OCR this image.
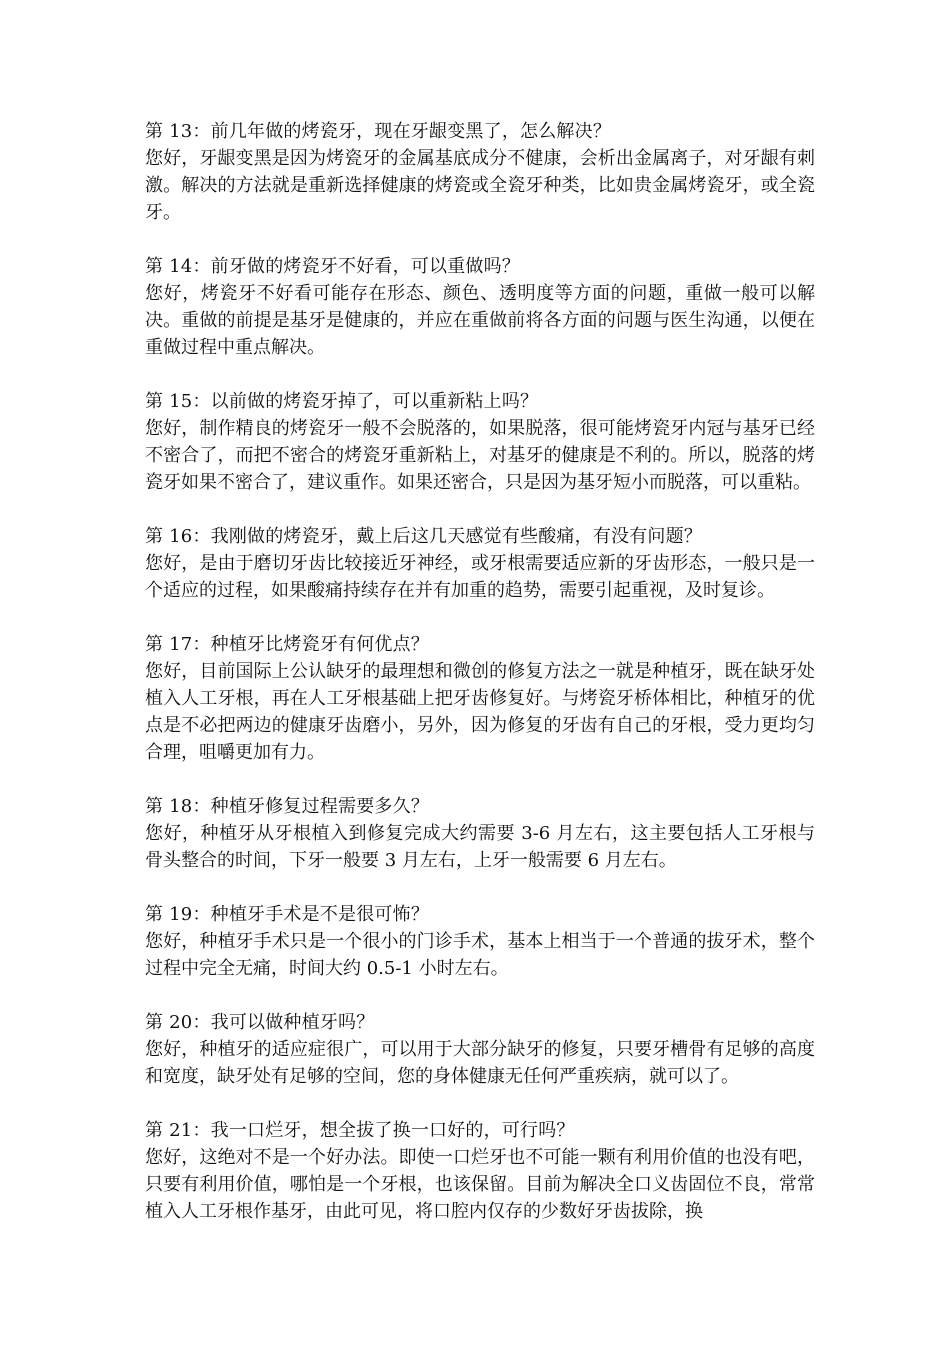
第 13：前几年做的烤瓷牙，现在牙龈变黑了，怎么解决？

您好，牙龈变黑是因为烤瓷牙的金属基底成分不健康，会析出金属离子，对牙龈有刺激。解决的方法就是重新选择健康的烤瓷或全瓷牙种类，比如贵金属烤瓷牙，或全瓷牙。

第 14：前牙做的烤瓷牙不好看，可以重做吗？

您好，烤瓷牙不好看可能存在形态、颜色、透明度等方面的问题，重做一般可以解决。重做的前提是基牙是健康的，并应在重做前将各方面的问题与医生沟通，以便在重做过程中重点解决。

第 15：以前做的烤瓷牙掉了，可以重新粘上吗？

您好，制作精良的烤瓷牙一般不会脱落的，如果脱落，很可能烤瓷牙内冠与基牙已经不密合了，而把不密合的烤瓷牙重新粘上，对基牙的健康是不利的。所以，脱落的烤瓷牙如果不密合了，建议重作。如果还密合，只是因为基牙短小而脱落，可以重粘。

第 16：我刚做的烤瓷牙，戴上后这几天感觉有些酸痛，有没有问题？

您好，是由于磨切牙齿比较接近牙神经，或牙根需要适应新的牙齿形态，一般只是一个适应的过程，如果酸痛持续存在并有加重的趋势，需要引起重视，及时复诊。

第 17：种植牙比烤瓷牙有何优点？

您好，目前国际上公认缺牙的最理想和微创的修复方法之一就是种植牙，既在缺牙处植入人工牙根，再在人工牙根基础上把牙齿修复好。与烤瓷牙桥体相比，种植牙的优点是不必把两边的健康牙齿磨小，另外，因为修复的牙齿有自己的牙根，受力更均匀合理，咀嚼更加有力。

第 18：种植牙修复过程需要多久？

您好，种植牙从牙根植入到修复完成大约需要 3-6 月左右，这主要包括人工牙根与骨头整合的时间，下牙一般要 3 月左右，上牙一般需要 6 月左右。

第 19：种植牙手术是不是很可怖？

您好，种植牙手术只是一个很小的门诊手术，基本上相当于一个普通的拔牙术，整个过程中完全无痛，时间大约 0.5-1 小时左右。

第 20：我可以做种植牙吗？

您好，种植牙的适应症很广，可以用于大部分缺牙的修复，只要牙槽骨有足够的高度和宽度，缺牙处有足够的空间，您的身体健康无任何严重疾病，就可以了。

第 21：我一口烂牙，想全拔了换一口好的，可行吗？

您好，这绝对不是一个好办法。即使一口烂牙也不可能一颗有利用价值的也没有吧，只要有利用价值，哪怕是一个牙根，也该保留。目前为解决全口义齿固位不良，常常植入人工牙根作基牙，由此可见，将口腔内仅存的少数好牙齿拔除，换
